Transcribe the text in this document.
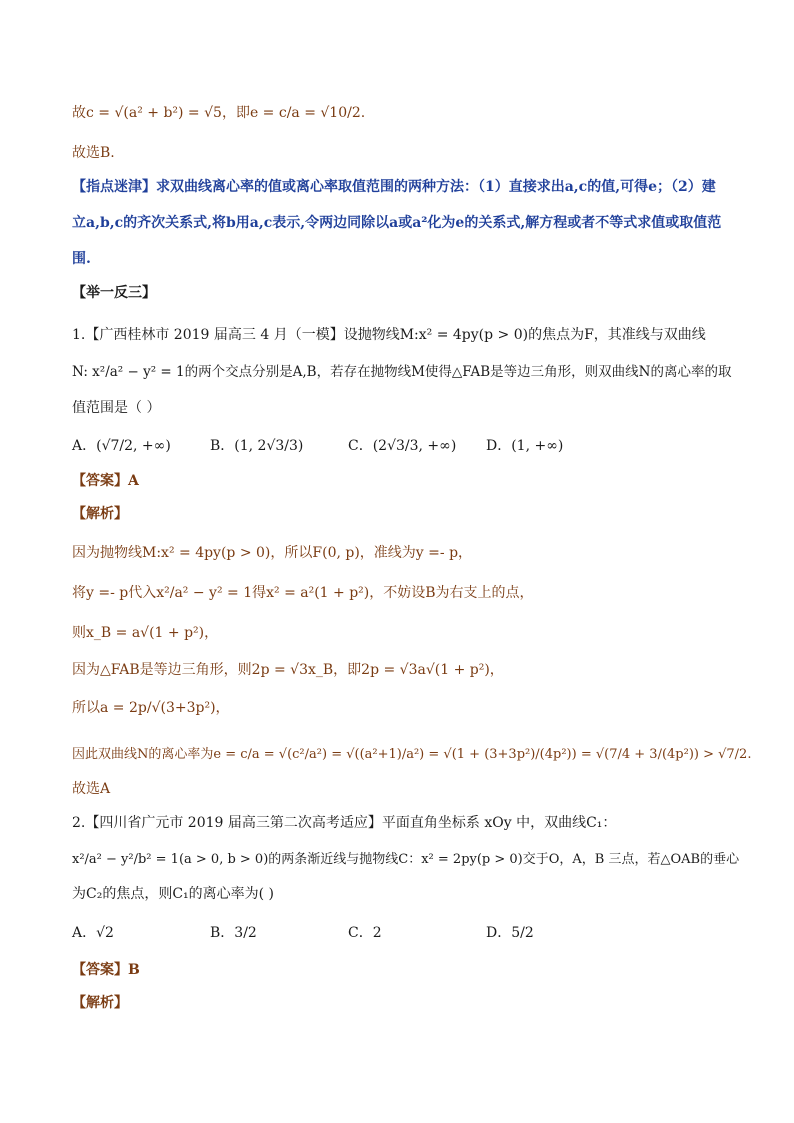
故c = √(a² + b²) = √5，即e = c/a = √10/2.
故选B.
【指点迷津】求双曲线离心率的值或离心率取值范围的两种方法：（1）直接求出a,c的值,可得e；（2）建
立a,b,c的齐次关系式,将b用a,c表示,令两边同除以a或a²化为e的关系式,解方程或者不等式求值或取值范
围.
【举一反三】
1.【广西桂林市 2019 届高三 4 月（一模】设抛物线M:x² = 4py(p > 0)的焦点为F，其准线与双曲线
N: x²/a² − y² = 1的两个交点分别是A,B，若存在抛物线M使得△FAB是等边三角形，则双曲线N的离心率的取
值范围是（ ）
A．(√7/2, +∞)	B．(1, 2√3/3)	C．(2√3/3, +∞) D．(1, +∞)
【答案】A
【解析】
因为抛物线M:x² = 4py(p > 0)，所以F(0, p)，准线为y =- p，
将y =- p代入x²/a² − y² = 1得x² = a²(1 + p²)，不妨设B为右支上的点，
则x_B = a√(1 + p²)，
因为△FAB是等边三角形，则2p = √3x_B，即2p = √3a√(1 + p²)，
所以a = 2p/√(3+3p²)，
因此双曲线N的离心率为e = c/a = √(c²/a²) = √((a²+1)/a²) = √(1 + (3+3p²)/(4p²)) = √(7/4 + 3/(4p²)) > √7/2.
故选A
2.【四川省广元市 2019 届高三第二次高考适应】平面直角坐标系 xOy 中，双曲线C₁：
x²/a² − y²/b² = 1(a > 0, b > 0)的两条渐近线与抛物线C：x² = 2py(p > 0)交于O，A，B 三点，若△OAB的垂心
为C₂的焦点，则C₁的离心率为( )
A．√2	B．3/2	C．2	D．5/2
【答案】B
【解析】
